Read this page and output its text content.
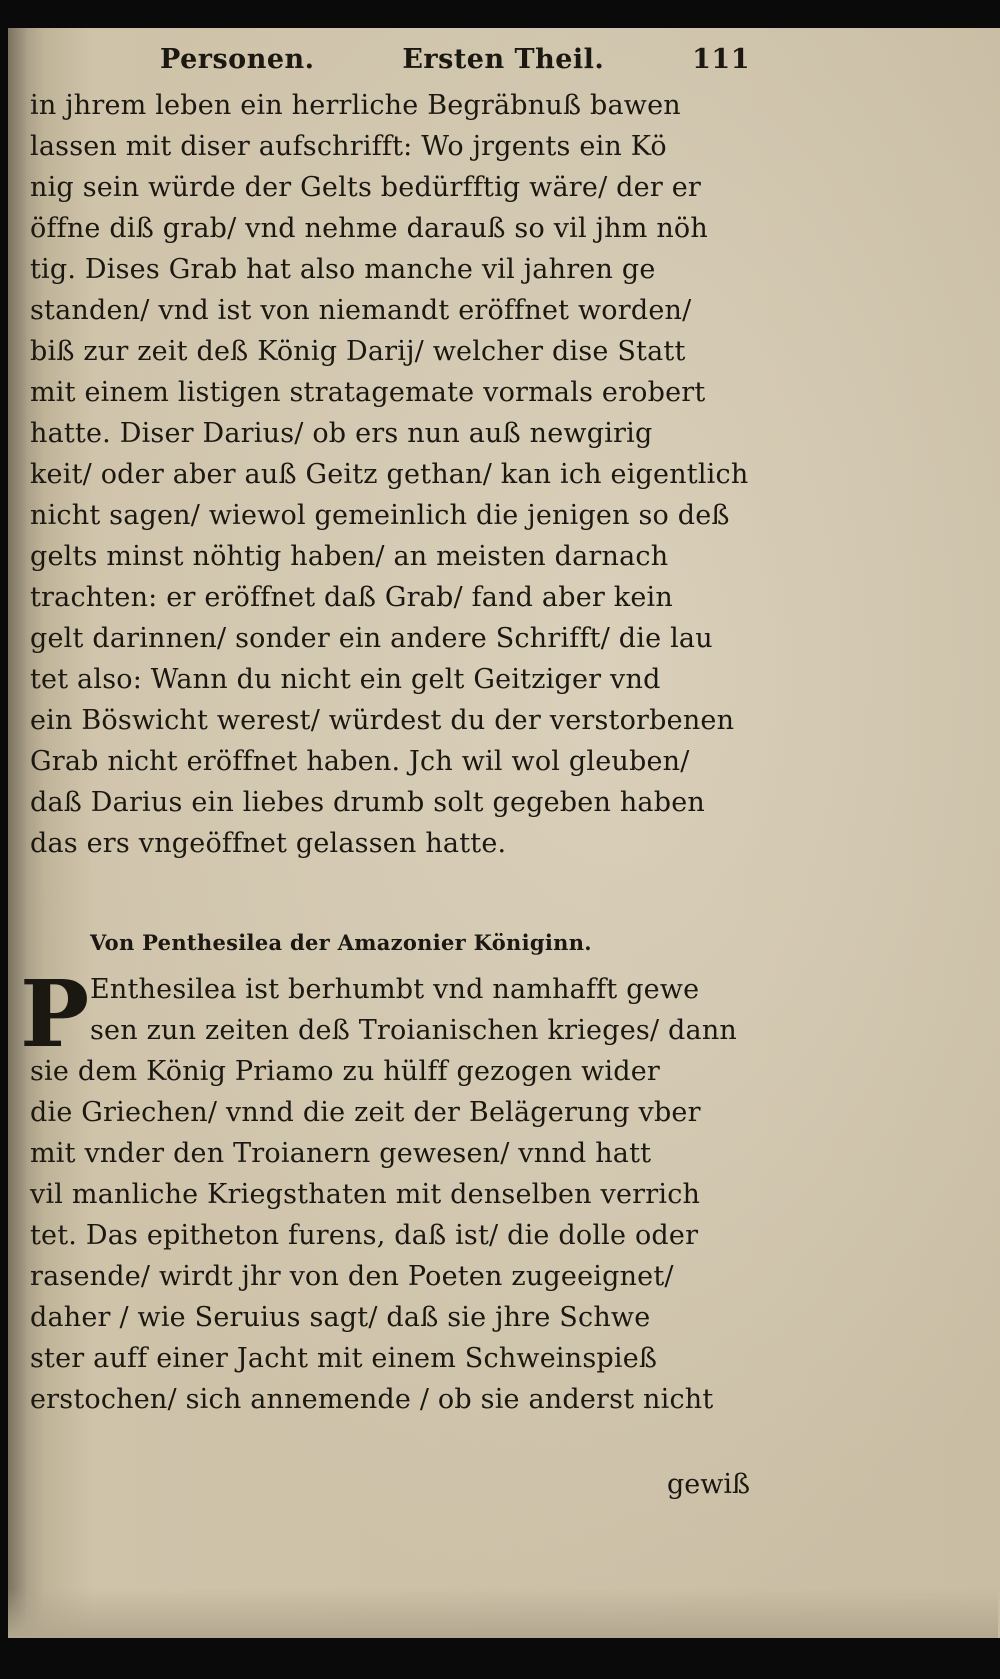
Personen.	Ersten Theil.	111
in jhrem leben ein herrliche Begräbnuß bawen
lassen mit diser aufschrifft: Wo jrgents ein Kö
nig sein würde der Gelts bedürfftig wäre/ der er
öffne diß grab/ vnd nehme darauß so vil jhm nöh
tig. Dises Grab hat also manche vil jahren ge
standen/ vnd ist von niemandt eröffnet worden/
biß zur zeit deß König Darij/ welcher dise Statt
mit einem listigen stratagemate vormals erobert
hatte. Diser Darius/ ob ers nun auß newgirig
keit/ oder aber auß Geitz gethan/ kan ich eigentlich
nicht sagen/ wiewol gemeinlich die jenigen so deß
gelts minst nöhtig haben/ an meisten darnach
trachten: er eröffnet daß Grab/ fand aber kein
gelt darinnen/ sonder ein andere Schrifft/ die lau
tet also: Wann du nicht ein gelt Geitziger vnd
ein Böswicht werest/ würdest du der verstorbenen
Grab nicht eröffnet haben. Jch wil wol gleuben/
daß Darius ein liebes drumb solt gegeben haben
das ers vngeöffnet gelassen hatte.
Von Penthesilea der Amazonier Königinn.
P Enthesilea ist berhumbt vnd namhafft gewe
sen zun zeiten deß Troianischen krieges/ dann
sie dem König Priamo zu hülff gezogen wider
die Griechen/ vnnd die zeit der Belägerung vber
mit vnder den Troianern gewesen/ vnnd hatt
vil manliche Kriegsthaten mit denselben verrich
tet. Das epitheton furens, daß ist/ die dolle oder
rasende/ wirdt jhr von den Poeten zugeeignet/
daher / wie Seruius sagt/ daß sie jhre Schwe
ster auff einer Jacht mit einem Schweinspieß
erstochen/ sich annemende / ob sie anderst nicht
gewiß
